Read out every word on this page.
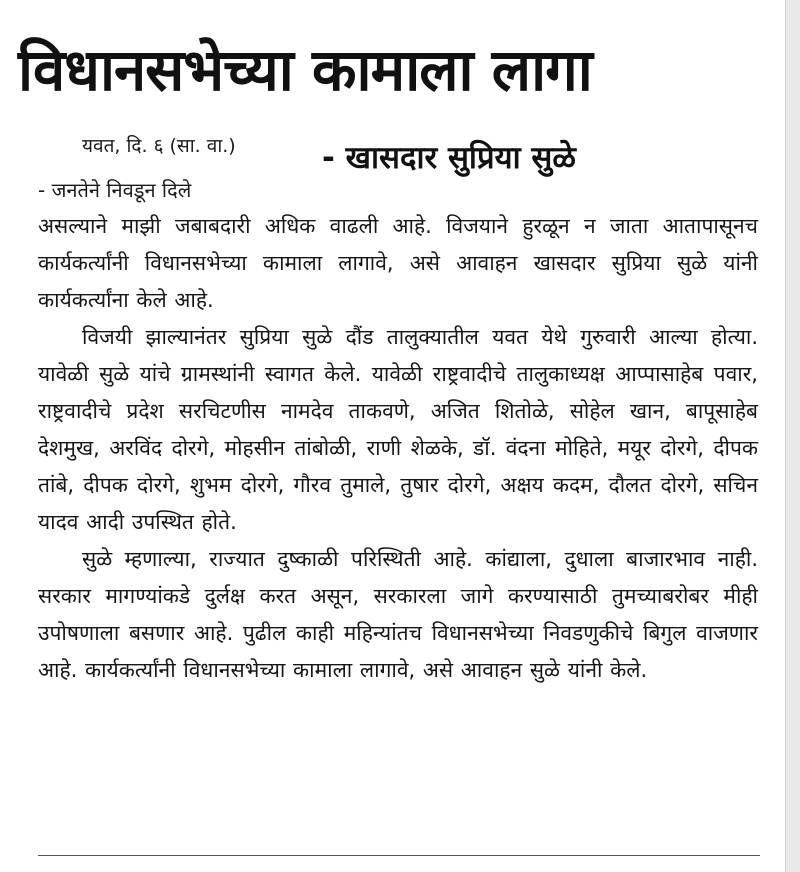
विधानसभेच्या कामाला लागा
यवत, दि. ६ (सा. वा.)	- खासदार सुप्रिया सुळे
- जनतेने निवडून दिले

असल्याने माझी जबाबदारी अधिक वाढली आहे. विजयाने हुरळून न जाता आतापासूनच कार्यकर्त्यांनी विधानसभेच्या कामाला लागावे, असे आवाहन खासदार सुप्रिया सुळे यांनी कार्यकर्त्यांना केले आहे.

विजयी झाल्यानंतर सुप्रिया सुळे दौंड तालुक्यातील यवत येथे गुरुवारी आल्या होत्या. यावेळी सुळे यांचे ग्रामस्थांनी स्वागत केले. यावेळी राष्ट्रवादीचे तालुकाध्यक्ष आप्पासाहेब पवार, राष्ट्रवादीचे प्रदेश सरचिटणीस नामदेव ताकवणे, अजित शितोळे, सोहेल खान, बापूसाहेब देशमुख, अरविंद दोरगे, मोहसीन तांबोळी, राणी शेळके, डॉ. वंदना मोहिते, मयूर दोरगे, दीपक तांबे, दीपक दोरगे, शुभम दोरगे, गौरव तुमाले, तुषार दोरगे, अक्षय कदम, दौलत दोरगे, सचिन यादव आदी उपस्थित होते.

सुळे म्हणाल्या, राज्यात दुष्काळी परिस्थिती आहे. कांद्याला, दुधाला बाजारभाव नाही. सरकार मागण्यांकडे दुर्लक्ष करत असून, सरकारला जागे करण्यासाठी तुमच्याबरोबर मीही उपोषणाला बसणार आहे. पुढील काही महिन्यांतच विधानसभेच्या निवडणुकीचे बिगुल वाजणार आहे. कार्यकर्त्यांनी विधानसभेच्या कामाला लागावे, असे आवाहन सुळे यांनी केले.
